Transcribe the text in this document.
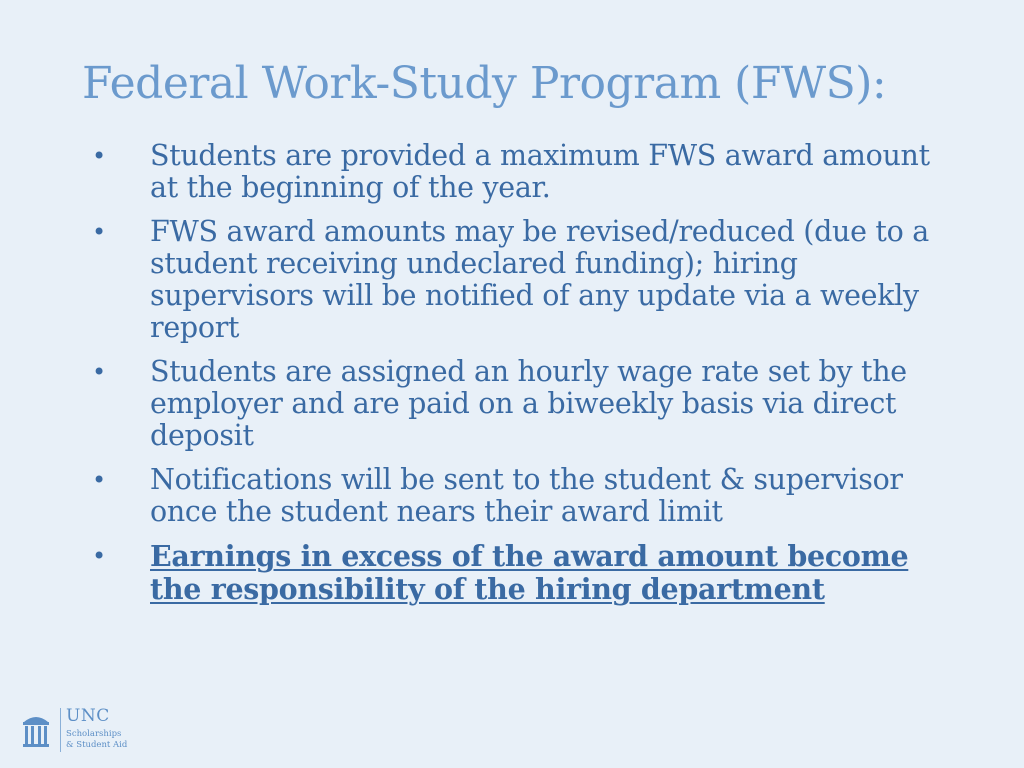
Federal Work-Study Program (FWS):
• Students are provided a maximum FWS award amount at the beginning of the year.
• FWS award amounts may be revised/reduced (due to a student receiving undeclared funding); hiring supervisors will be notified of any update via a weekly report
• Students are assigned an hourly wage rate set by the employer and are paid on a biweekly basis via direct deposit
• Notifications will be sent to the student & supervisor once the student nears their award limit
• Earnings in excess of the award amount become the responsibility of the hiring department
UNC
Scholarships
& Student Aid
